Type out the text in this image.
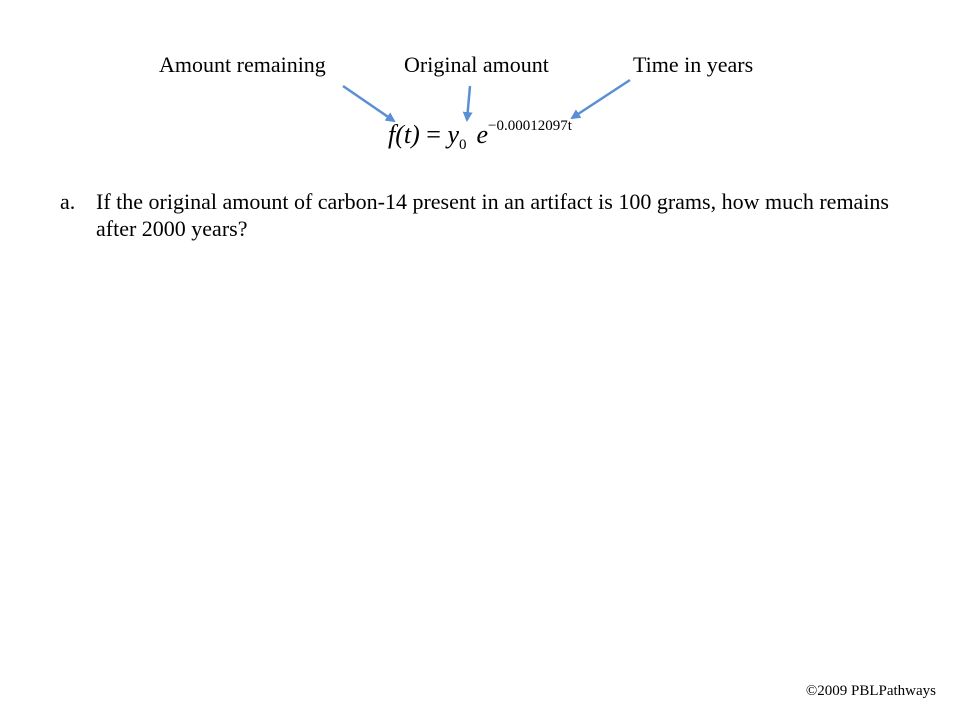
Amount remaining	Original amount	Time in years
$f(t) = y_0$ $e^{-0.00012097t}$
a. If the original amount of carbon-14 present in an artifact is 100 grams, how much remains after 2000 years?
©2009 PBLPathways
